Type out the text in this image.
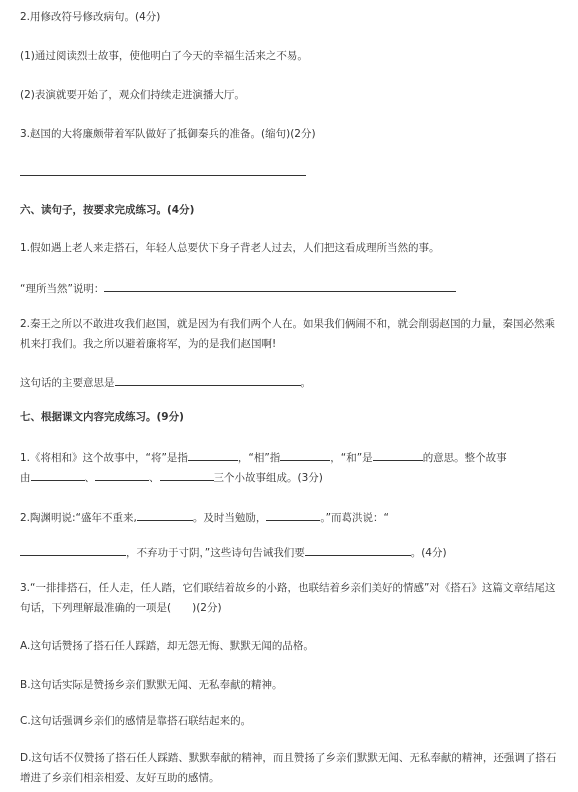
2.用修改符号修改病句。(4分)
(1)通过阅读烈士故事，使他明白了今天的幸福生活来之不易。
(2)表演就要开始了，观众们持续走进演播大厅。
3.赵国的大将廉颇带着军队做好了抵御秦兵的准备。(缩句)(2分)
六、读句子，按要求完成练习。(4分)
1.假如遇上老人来走搭石，年轻人总要伏下身子背老人过去，人们把这看成理所当然的事。
“理所当然”说明：
2.秦王之所以不敢进攻我们赵国，就是因为有我们两个人在。如果我们俩闹不和，就会削弱赵国的力量，秦国必然乘机来打我们。我之所以避着廉将军，为的是我们赵国啊!
这句话的主要意思是	。
七、根据课文内容完成练习。(9分)
1.《将相和》这个故事中，“将”是指	，“相”指	，“和”是	的意思。整个故事
由	、	、	三个小故事组成。(3分)
2.陶渊明说:“盛年不重来,	。及时当勉励，	。”而葛洪说：“
，不弃功于寸阴，”这些诗句告诫我们要	。(4分)
3.“一排排搭石，任人走，任人踏，它们联结着故乡的小路，也联结着乡亲们美好的情感”对《搭石》这篇文章结尾这句话，下列理解最准确的一项是(　　)(2分)
A.这句话赞扬了搭石任人踩踏，却无怨无悔、默默无闻的品格。
B.这句话实际是赞扬乡亲们默默无闻、无私奉献的精神。
C.这句话强调乡亲们的感情是靠搭石联结起来的。
D.这句话不仅赞扬了搭石任人踩踏、默默奉献的精神，而且赞扬了乡亲们默默无闻、无私奉献的精神，还强调了搭石增进了乡亲们相亲相爱、友好互助的感情。
